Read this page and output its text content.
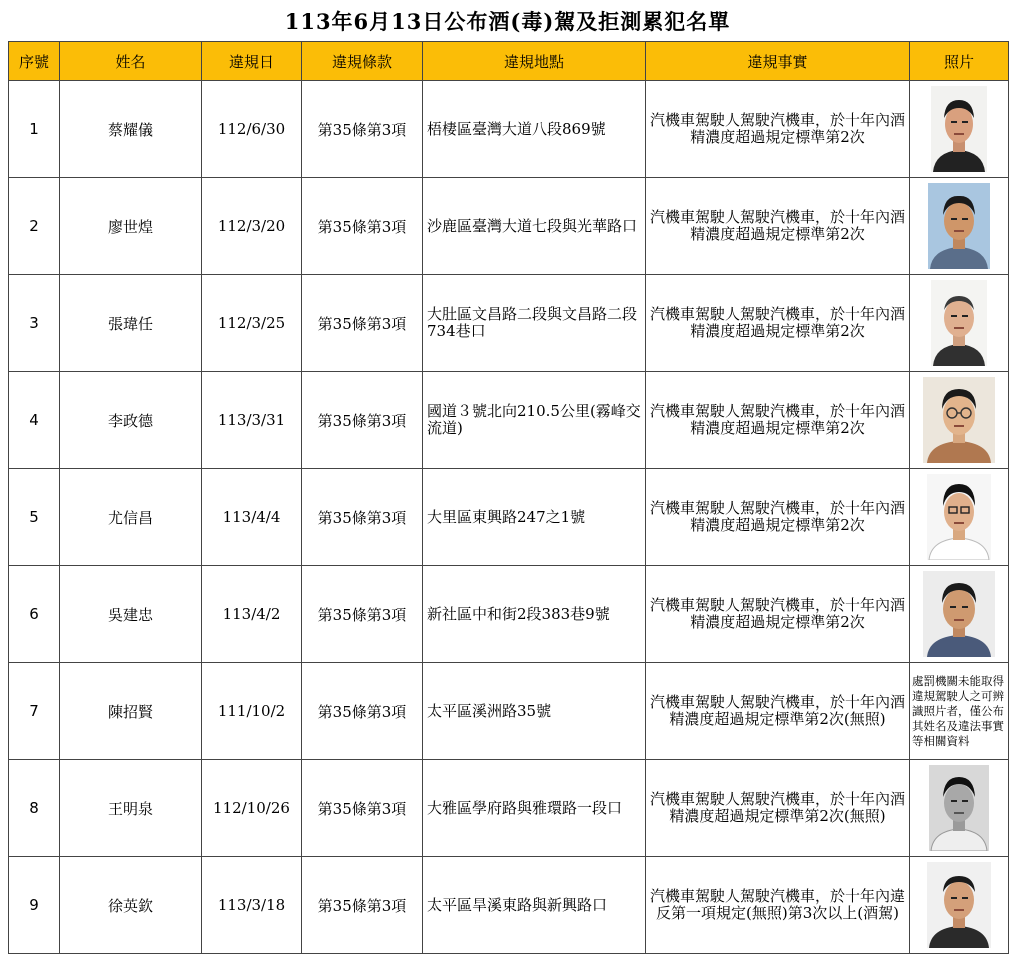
113年6月13日公布酒(毒)駕及拒測累犯名單
序號	姓名	違規日	違規條款	違規地點	違規事實	照片
1	蔡耀儀	112/6/30	第35條第3項	梧棲區臺灣大道八段869號	汽機車駕駛人駕駛汽機車，於十年內酒精濃度超過規定標準第2次	

2	廖世煌	112/3/20	第35條第3項	沙鹿區臺灣大道七段與光華路口	汽機車駕駛人駕駛汽機車，於十年內酒精濃度超過規定標準第2次	

3	張瑋任	112/3/25	第35條第3項	大肚區文昌路二段與文昌路二段734巷口	汽機車駕駛人駕駛汽機車，於十年內酒精濃度超過規定標準第2次	

4	李政德	113/3/31	第35條第3項	國道３號北向210.5公里(霧峰交流道)	汽機車駕駛人駕駛汽機車，於十年內酒精濃度超過規定標準第2次	

5	尤信昌	113/4/4	第35條第3項	大里區東興路247之1號	汽機車駕駛人駕駛汽機車，於十年內酒精濃度超過規定標準第2次	

6	吳建忠	113/4/2	第35條第3項	新社區中和街2段383巷9號	汽機車駕駛人駕駛汽機車，於十年內酒精濃度超過規定標準第2次	

7	陳招賢	111/10/2	第35條第3項	太平區溪洲路35號	汽機車駕駛人駕駛汽機車，於十年內酒精濃度超過規定標準第2次(無照)	處罰機關未能取得違規駕駛人之可辨識照片者，僅公布 其姓名及違法事實等相關資料

8	王明泉	112/10/26	第35條第3項	大雅區學府路與雅環路一段口	汽機車駕駛人駕駛汽機車，於十年內酒精濃度超過規定標準第2次(無照)	

9	徐英欽	113/3/18	第35條第3項	太平區旱溪東路與新興路口	汽機車駕駛人駕駛汽機車，於十年內違反第一項規定(無照)第3次以上(酒駕)	
